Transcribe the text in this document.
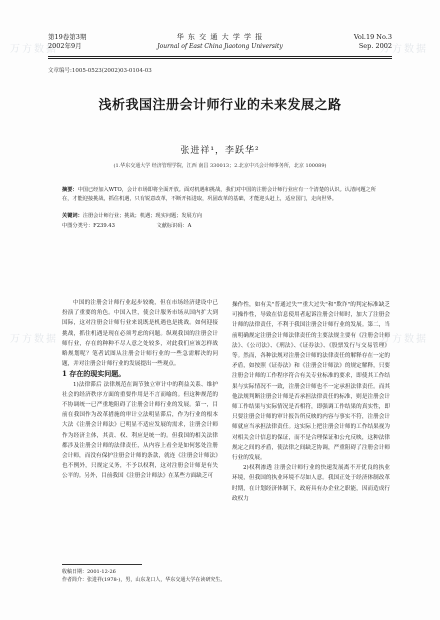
万方数据	万方数据
万方数据	万方数据
第19卷第3期
2002年9月
华 东 交 通 大 学 学 报
Journal of East China Jiaotong University
Vol.19 No.3
Sep. 2002
文章编号:1005-0523(2002)03-0104-03
浅析我国注册会计师行业的未来发展之路
张进祥¹，李跃华²
(1.华东交通大学 经济管理学院，江西 南昌 330013；2.北京中兴会计师事务所，北京 100089)
摘要：中国已经加入WTO，会计市场即将全面开放。面对机遇和挑战，我们对中国的注册会计师行业应有一个清楚的认识。认清问题之所在，才能迎接挑战，抓住机遇，只有锐意改革，不断开拓进取，巩固改革的基础，才能迎头赶上，适应国门，走向世界。
关键词：注册会计师行业；挑战；机遇；现实问题；发展方向
中图分类号：F239.43	文献标识码：A

中国的注册会计师行业起步较晚，但在市场经济建设中已扮演了重要的角色。中国入世，使会计服务市场从国内扩大到国际，这对注册会计师行业来说既是机遇也是挑战。如何迎接挑战，抓住机遇是现在必须考虑的问题。纵观我国的注册会计师行业，存在的种种不尽人意之处较多，对此我们应该怎样战略规划呢？笔者试图从注册会计师行业的一些急需解决的问题，并对注册会计师行业的发展提出一些观点。

1 存在的现实问题。

1)法律滞后 法律规范在调节独立审计中的利益关系、维护社会的经济秩序方面的重要作用是不言而喻的。但这种规范的不协调统一已严重地阻碍了注册会计师行业的发展。第一，目前在我国作为改革措施的审计立法明显滞后，作为行业的根本大法《注册会计师法》已明显不适应发展的需求，注册会计师作为经济主体，其责、权、利应是统一的。但我国的相关法律都涉及注册会计师的法律责任，从内容上看全是如何惩处注册会计师，而没有保护注册会计师的条款，就连《注册会计师法》也不例外，只规定义务，不予以权利，这对注册会计师是有失公平的。另外，目前我国《注册会计师法》在某些方面缺乏可

操作性，如有关"普通过失""重大过失"和"欺诈"的判定标准缺乏可操作性，导致在信息使用者起诉注册会计师时，加大了注册会计师的法律责任，不利于我国注册会计师行业的发展。第二，当前明确规定注册会计师法律责任的主要法规主要有《注册会计师法》、《公司法》、《刑法》、《证券法》、《股票发行与交易管理》等。然而，各种法规对注册会计师的法律责任的解释存在一定的矛盾，如按照《证券法》和《注册会计师法》的规定解释，只要注册会计师的工作程序符合有关专业标准的要求，即使其工作结果与实际情况不一致，注册会计师也不一定承担法律责任。而其他法规判断注册会计师是否承担法律责任的标准，则是注册会计师工作结果与实际情况是否相符，即强调工作结果的真实性，即只要注册会计师的审计报告所反映的内容与事实不符，注册会计师就应当承担法律责任。这实际上把注册会计师的工作结果视为对相关会计信息的保证，而不是合理保证和公允反映，这种法律规定之间的矛盾，使法律之间缺乏协调，严重阻碍了注册会计师行业的发展。

2)权利渗透 注册会计师行业的快速发展离不开优良的执业环境，但我国的执业环境不尽如人意。我国正处于经济体制改革时期，在计划经济体制下，政府具有办企业之职能，因而造成行政权力

收稿日期：2001-12-26
作者简介：张进祥(1978-)，男，山东龙口人，华东交通大学在读研究生。
